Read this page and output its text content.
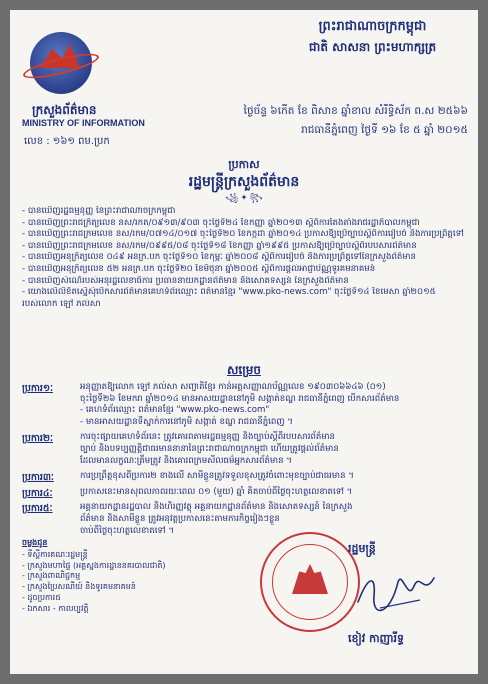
ព្រះរាជាណាចក្រកម្ពុជា
ជាតិ សាសនា ព្រះមហាក្សត្រ
ក្រសួងព័ត៌មាន
MINISTRY OF INFORMATION
លេខ : ១៦១ ពម.ប្រក
ថ្ងៃច័ន្ទ ៦កើត ខែ ពិសាខ ឆ្នាំខាល សំរឹទ្ធិស័ក ព.ស ២៥៦៦
រាជធានីភ្នំពេញ ថ្ងៃទី ១៦ ខែ ៥ ឆ្នាំ ២០១៥
ប្រកាស
រដ្ឋមន្ត្រីក្រសួងព័ត៌មាន
꧁ ✦ ꧂

- បានឃើញរដ្ឋធម្មនុញ្ញ នៃព្រះរាជាណាចក្រកម្ពុជា

- បានឃើញព្រះរាជក្រឹត្យលេខ នស/រកត/០៩១៣/៩០៣ ចុះថ្ងៃទី២៤ ខែកញ្ញា ឆ្នាំ២០១៣ ស្តីពីការតែងតាំងរាជរដ្ឋាភិបាលកម្ពុជា

- បានឃើញព្រះរាជក្រមលេខ នស/រកម/០៧១៤/០១៧ ចុះថ្ងៃទី២០ ខែកក្កដា ឆ្នាំ២០១៤ ប្រកាសឱ្យប្រើច្បាប់ស្តីពីការរៀបចំ និងការប្រព្រឹត្តទៅ

- បានឃើញព្រះរាជក្រមលេខ នស/រកម/០៩៩៥/០៨ ចុះថ្ងៃទី១៨ ខែកញ្ញា ឆ្នាំ១៩៩៥ ប្រកាសឱ្យប្រើច្បាប់ស្តីពីរបបសារព័ត៌មាន

- បានឃើញអនុក្រឹត្យលេខ ០៤៩ អនក្រ.បក ចុះថ្ងៃទី១០ ខែកុម្ភៈ ឆ្នាំ២០០៨ ស្តីពីការរៀបចំ និងការប្រព្រឹត្តទៅនៃក្រសួងព័ត៌មាន

- បានឃើញអនុក្រឹត្យលេខ ៥២ អនក្រ.បក ចុះថ្ងៃទី២០ ខែមិថុនា ឆ្នាំ២០០៥ ស្តីពីការផ្តល់អាជ្ញាប័ណ្ណទូរគមនាគមន៍

- បានឃើញសំណើរបស់អនុរដ្ឋលេខាធិការ ប្រធាននាយកដ្ឋានព័ត៌មាន និងសោតទស្សន៍ នៃក្រសួងព័ត៌មាន

- យោងលើលិខិតស្នើសុំបើកសារព័ត៌មានគេហទំព័រឈ្មោះ ពត៌មានខ្មែរ "www.pko-news.com" ចុះថ្ងៃទី១៤ ខែមេសា ឆ្នាំ២០១៥

របស់លោក ឡៅ ភល់សា

សម្រេច
ប្រការ១ៈ	អនុញ្ញាតឱ្យលោក ឡៅ ភល់សា សញ្ជាតិខ្មែរ កាន់អត្តសញ្ញាណប័ណ្ណលេខ ១៩០៣០៦៦៤៦ (០១)

ចុះថ្ងៃទី២៦ ខែមករា ឆ្នាំ២០១៤ មានអាសយដ្ឋាននៅភូមិ សង្កាត់ខណ្ឌ រាជធានីភ្នំពេញ បើកសារព័ត៌មាន

- គេហទំព័រឈ្មោះ ពត៌មានខ្មែរ "www.pko-news.com"

- មានអាសយដ្ឋានទីស្នាក់ការនៅភូមិ សង្កាត់ ខណ្ឌ រាជធានីភ្នំពេញ ។

ប្រការ២ៈ	ការចុះផ្សាយគេហទំព័រនេះ ត្រូវគោរពតាមរដ្ឋធម្មនុញ្ញ និងច្បាប់ស្តីពីរបបសារព័ត៌មាន

ច្បាប់ និងបទប្បញ្ញត្តិជាធរមាននានានៃព្រះរាជាណាចក្រកម្ពុជា ហើយត្រូវផ្តល់ព័ត៌មាន

ដែលមានលក្ខណៈត្រឹមត្រូវ និងគោរពក្រមសីលធម៌អ្នកសារព័ត៌មាន ។

ប្រការ៣ៈ	ការប្រព្រឹត្តខុសពីប្រការ២ ខាងលើ សាមីខ្លួនត្រូវទទួលខុសត្រូវចំពោះមុខច្បាប់ជាធរមាន ។

ប្រការ៤ៈ	ប្រកាសនេះមានសុពលភាពរយៈពេល ០១ (មួយ) ឆ្នាំ គិតចាប់ពីថ្ងៃចុះហត្ថលេខាតទៅ ។

ប្រការ៥ៈ	អគ្គនាយកដ្ឋានរដ្ឋបាល និងហិរញ្ញវត្ថុ អគ្គនាយកដ្ឋានព័ត៌មាន និងសោតទស្សន៍ នៃក្រសួង

ព័ត៌មាន និងសាមីខ្លួន ត្រូវអនុវត្តប្រកាសនេះតាមភារកិច្ចរៀងៗខ្លួន

ចាប់ពីថ្ងៃចុះហត្ថលេខាតទៅ ។

ចម្លងជូន

- ទីស្តីការគណៈរដ្ឋមន្ត្រី

- ក្រសួងមហាផ្ទៃ (អគ្គស្នងការដ្ឋាននគរបាលជាតិ)

- ក្រសួងពាណិជ្ជកម្ម

- ក្រសួងប្រៃសណីយ៍ និងទូរគមនាគមន៍

- ដូចប្រការ៥

- ឯកសារ - កាលប្បវត្តិ

រដ្ឋមន្ត្រី
ខៀវ កាញារីទ្ធ
